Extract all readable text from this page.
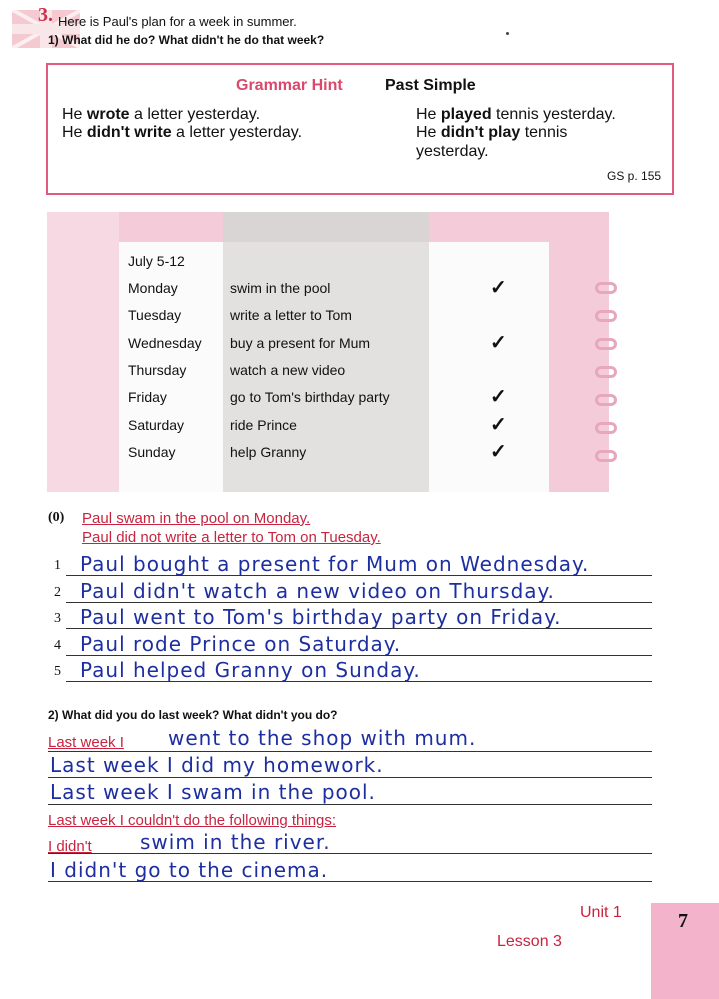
3. Here is Paul's plan for a week in summer.
1) What did he do? What didn't he do that week?
Grammar Hint	Past Simple
He wrote a letter yesterday.
He didn't write a letter yesterday.
He played tennis yesterday.
He didn't play tennis
yesterday.
GS p. 155
July 5-12
Monday	swim in the pool	✓
Tuesday	write a letter to Tom
Wednesday buy a present for Mum	✓
Thursday	watch a new video
Friday	go to Tom's birthday party	✓
Saturday	ride Prince	✓
Sunday	help Granny	✓
(0) Paul swam in the pool on Monday.
Paul did not write a letter to Tom on Tuesday.
1 Paul bought a present for Mum on Wednesday.
2 Paul didn't watch a new video on Thursday.
3 Paul went to Tom's birthday party on Friday.
4 Paul rode Prince on Saturday.
5 Paul helped Granny on Sunday.
2) What did you do last week? What didn't you do?
Last week I went to the shop with mum.
Last week I did my homework.
Last week I swam in the pool.
Last week I couldn't do the following things:
I didn't swim in the river.
I didn't go to the cinema.
Unit 1
Lesson 3
7
